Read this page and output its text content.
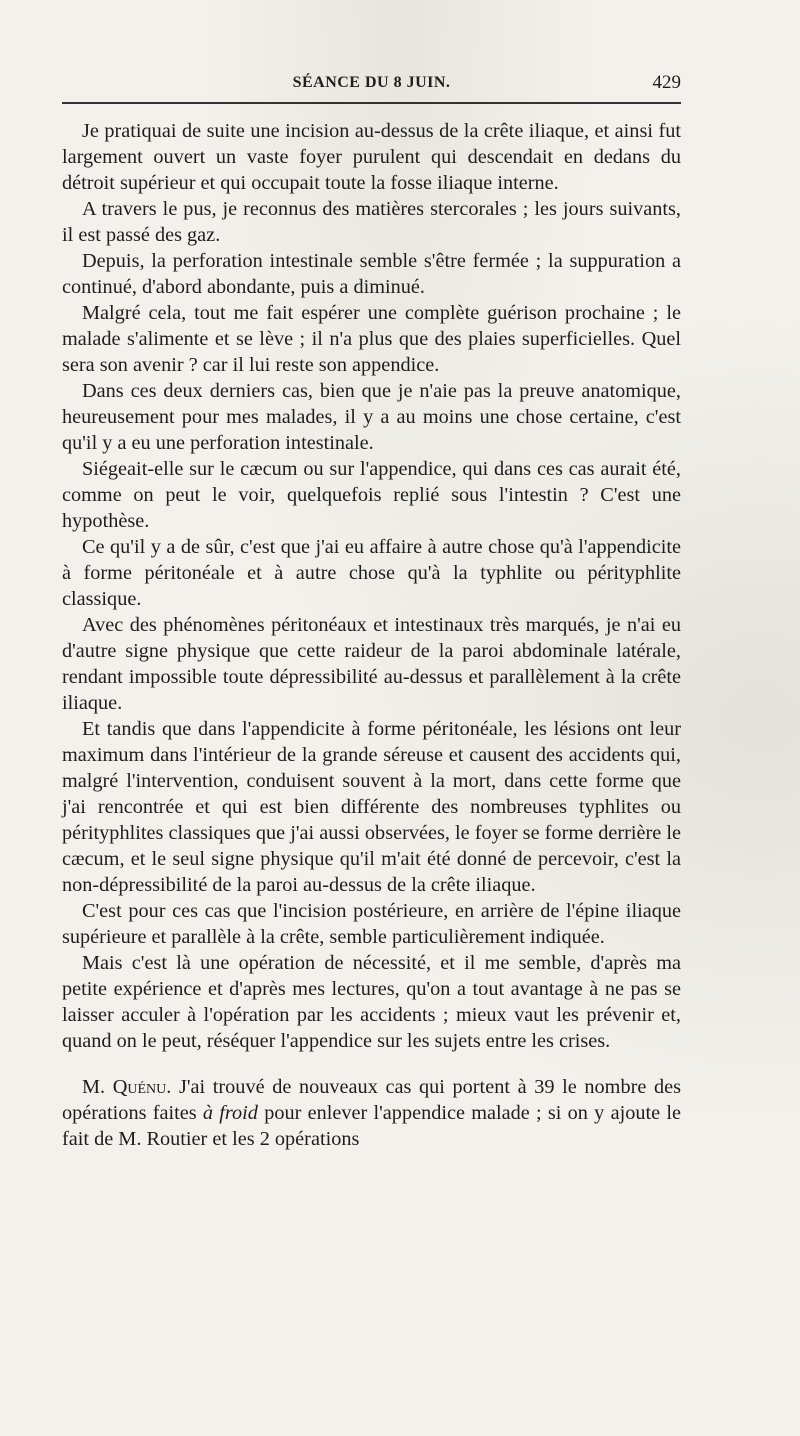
SÉANCE DU 8 JUIN.	429

Je pratiquai de suite une incision au-dessus de la crête iliaque, et ainsi fut largement ouvert un vaste foyer purulent qui descendait en dedans du détroit supérieur et qui occupait toute la fosse iliaque interne.

A travers le pus, je reconnus des matières stercorales ; les jours suivants, il est passé des gaz.

Depuis, la perforation intestinale semble s'être fermée ; la suppuration a continué, d'abord abondante, puis a diminué.

Malgré cela, tout me fait espérer une complète guérison prochaine ; le malade s'alimente et se lève ; il n'a plus que des plaies superficielles. Quel sera son avenir ? car il lui reste son appendice.

Dans ces deux derniers cas, bien que je n'aie pas la preuve anatomique, heureusement pour mes malades, il y a au moins une chose certaine, c'est qu'il y a eu une perforation intestinale.

Siégeait-elle sur le cæcum ou sur l'appendice, qui dans ces cas aurait été, comme on peut le voir, quelquefois replié sous l'intestin ? C'est une hypothèse.

Ce qu'il y a de sûr, c'est que j'ai eu affaire à autre chose qu'à l'appendicite à forme péritonéale et à autre chose qu'à la typhlite ou pérityphlite classique.

Avec des phénomènes péritonéaux et intestinaux très marqués, je n'ai eu d'autre signe physique que cette raideur de la paroi abdominale latérale, rendant impossible toute dépressibilité au-dessus et parallèlement à la crête iliaque.

Et tandis que dans l'appendicite à forme péritonéale, les lésions ont leur maximum dans l'intérieur de la grande séreuse et causent des accidents qui, malgré l'intervention, conduisent souvent à la mort, dans cette forme que j'ai rencontrée et qui est bien différente des nombreuses typhlites ou pérityphlites classiques que j'ai aussi observées, le foyer se forme derrière le cæcum, et le seul signe physique qu'il m'ait été donné de percevoir, c'est la non-dépressibilité de la paroi au-dessus de la crête iliaque.

C'est pour ces cas que l'incision postérieure, en arrière de l'épine iliaque supérieure et parallèle à la crête, semble particulièrement indiquée.

Mais c'est là une opération de nécessité, et il me semble, d'après ma petite expérience et d'après mes lectures, qu'on a tout avantage à ne pas se laisser acculer à l'opération par les accidents ; mieux vaut les prévenir et, quand on le peut, réséquer l'appendice sur les sujets entre les crises.

M. Quénu. J'ai trouvé de nouveaux cas qui portent à 39 le nombre des opérations faites à froid pour enlever l'appendice malade ; si on y ajoute le fait de M. Routier et les 2 opérations
